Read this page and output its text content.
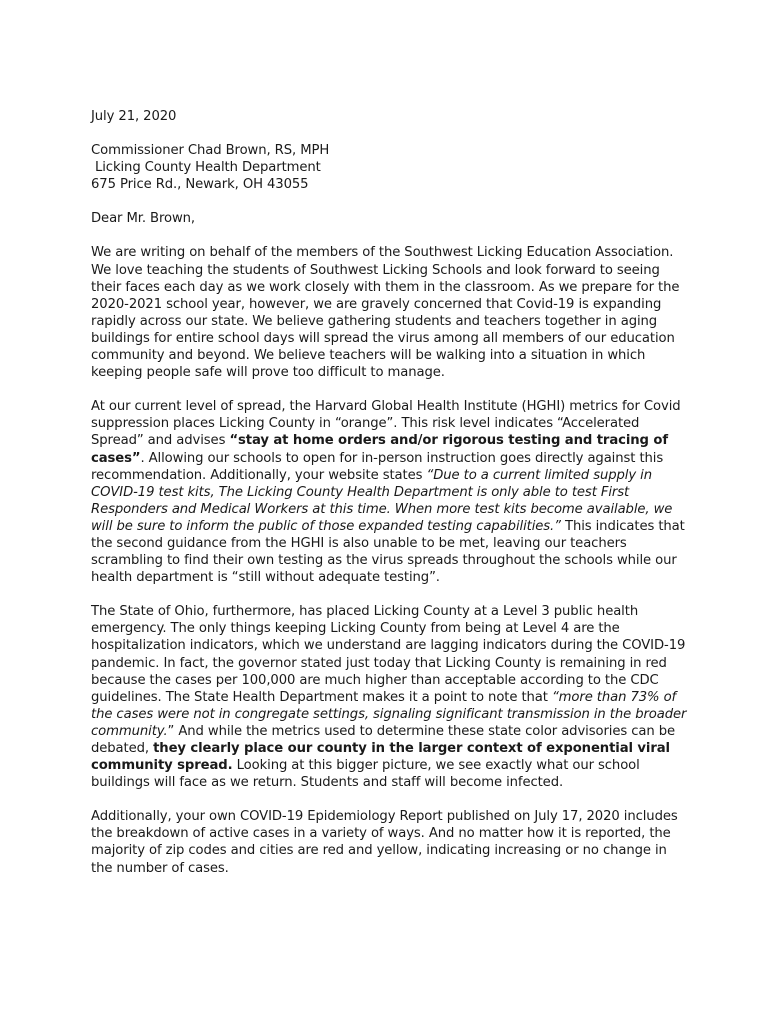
July 21, 2020

Commissioner Chad Brown, RS, MPH

Licking County Health Department

675 Price Rd., Newark, OH 43055

Dear Mr. Brown,

We are writing on behalf of the members of the Southwest Licking Education Association. We love teaching the students of Southwest Licking Schools and look forward to seeing their faces each day as we work closely with them in the classroom. As we prepare for the 2020-2021 school year, however, we are gravely concerned that Covid-19 is expanding rapidly across our state. We believe gathering students and teachers together in aging buildings for entire school days will spread the virus among all members of our education community and beyond. We believe teachers will be walking into a situation in which keeping people safe will prove too difficult to manage.

At our current level of spread, the Harvard Global Health Institute (HGHI) metrics for Covid suppression places Licking County in “orange”. This risk level indicates “Accelerated Spread” and advises “stay at home orders and/or rigorous testing and tracing of cases”. Allowing our schools to open for in-person instruction goes directly against this recommendation. Additionally, your website states “Due to a current limited supply in COVID-19 test kits, The Licking County Health Department is only able to test First Responders and Medical Workers at this time. When more test kits become available, we will be sure to inform the public of those expanded testing capabilities.” This indicates that the second guidance from the HGHI is also unable to be met, leaving our teachers scrambling to find their own testing as the virus spreads throughout the schools while our health department is “still without adequate testing”.

The State of Ohio, furthermore, has placed Licking County at a Level 3 public health emergency. The only things keeping Licking County from being at Level 4 are the hospitalization indicators, which we understand are lagging indicators during the COVID-19 pandemic. In fact, the governor stated just today that Licking County is remaining in red because the cases per 100,000 are much higher than acceptable according to the CDC guidelines. The State Health Department makes it a point to note that “more than 73% of the cases were not in congregate settings, signaling significant transmission in the broader community.” And while the metrics used to determine these state color advisories can be debated, they clearly place our county in the larger context of exponential viral community spread. Looking at this bigger picture, we see exactly what our school buildings will face as we return. Students and staff will become infected.

Additionally, your own COVID-19 Epidemiology Report published on July 17, 2020 includes the breakdown of active cases in a variety of ways. And no matter how it is reported, the majority of zip codes and cities are red and yellow, indicating increasing or no change in the number of cases.
